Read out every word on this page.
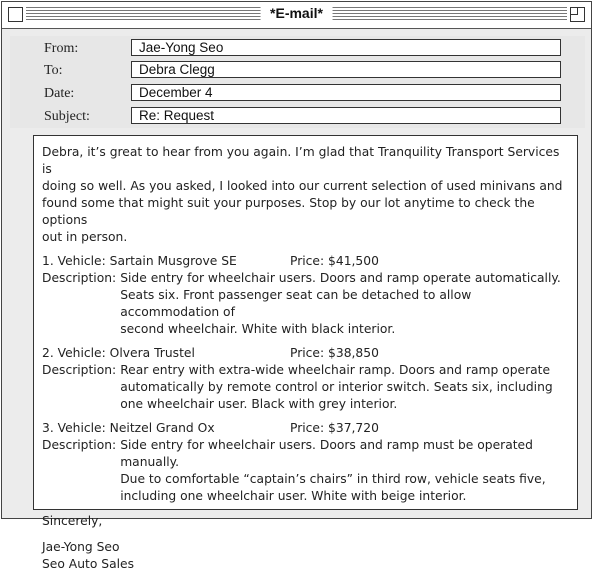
*E-mail*
From:	Jae-Yong Seo
To:	Debra Clegg
Date:	December 4
Subject:	Re: Request
Debra, it’s great to hear from you again. I’m glad that Tranquility Transport Services is
doing so well. As you asked, I looked into our current selection of used minivans and
found some that might suit your purposes. Stop by our lot anytime to check the options
out in person.
1. Vehicle: Sartain Musgrove SE	Price: $41,500
Description: Side entry for wheelchair users. Doors and ramp operate automatically.
Seats six. Front passenger seat can be detached to allow accommodation of
second wheelchair. White with black interior.
2. Vehicle: Olvera Trustel	Price: $38,850
Description: Rear entry with extra-wide wheelchair ramp. Doors and ramp operate
automatically by remote control or interior switch. Seats six, including
one wheelchair user. Black with grey interior.
3. Vehicle: Neitzel Grand Ox	Price: $37,720
Description: Side entry for wheelchair users. Doors and ramp must be operated manually.
Due to comfortable “captain’s chairs” in third row, vehicle seats five,
including one wheelchair user. White with beige interior.
Sincerely,
Jae-Yong Seo
Seo Auto Sales
